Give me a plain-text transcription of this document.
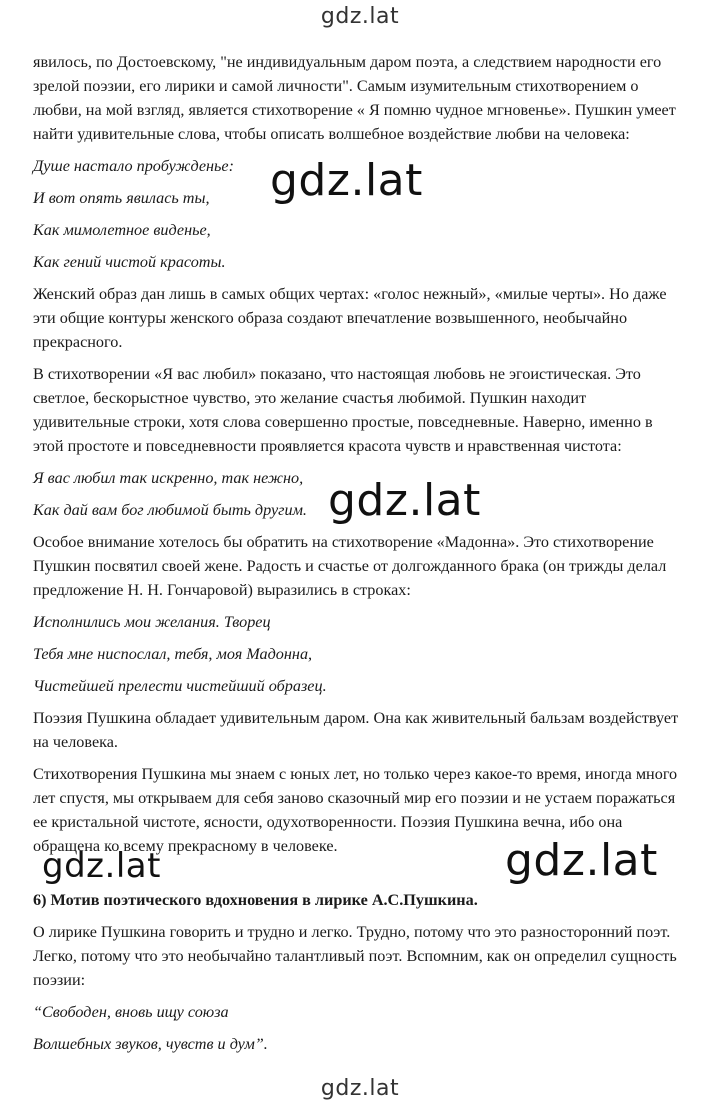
gdz.lat

явилось, по Достоевскому, "не индивидуальным даром поэта, а следствием народности его зрелой поэзии, его лирики и самой личности". Самым изумительным стихотворением о любви, на мой взгляд, является стихотворение « Я помню чудное мгновенье». Пушкин умеет найти удивительные слова, чтобы описать волшебное воздействие любви на человека:

Душе настало пробужденье:

И вот опять явилась ты,

Как мимолетное виденье,

Как гений чистой красоты.

Женский образ дан лишь в самых общих чертах: «голос нежный», «милые черты». Но даже эти общие контуры женского образа создают впечатление возвышенного, необычайно прекрасного.

В стихотворении «Я вас любил» показано, что настоящая любовь не эгоистическая. Это светлое, бескорыстное чувство, это желание счастья любимой. Пушкин находит удивительные строки, хотя слова совершенно простые, повседневные. Наверно, именно в этой простоте и повседневности проявляется красота чувств и нравственная чистота:

Я вас любил так искренно, так нежно,

Как дай вам бог любимой быть другим.

Особое внимание хотелось бы обратить на стихотворение «Мадонна». Это стихотворение Пушкин посвятил своей жене. Радость и счастье от долгожданного брака (он трижды делал предложение Н. Н. Гончаровой) выразились в строках:

Исполнились мои желания. Творец

Тебя мне ниспослал, тебя, моя Мадонна,

Чистейшей прелести чистейший образец.

Поэзия Пушкина обладает удивительным даром. Она как живительный бальзам воздействует на человека.

Стихотворения Пушкина мы знаем с юных лет, но только через какое-то время, иногда много лет спустя, мы открываем для себя заново сказочный мир его поэзии и не устаем поражаться ее кристальной чистоте, ясности, одухотворенности. Поэзия Пушкина вечна, ибо она обращена ко всему прекрасному в человеке.

6) Мотив поэтического вдохновения в лирике А.С.Пушкина.

О лирике Пушкина говорить и трудно и легко. Трудно, потому что это разносторонний поэт. Легко, потому что это необычайно талантливый поэт. Вспомним, как он определил сущность поэзии:

“Свободен, вновь ищу союза

Волшебных звуков, чувств и дум”.

gdz.lat
gdz.lat
gdz.lat	gdz.lat
gdz.lat
